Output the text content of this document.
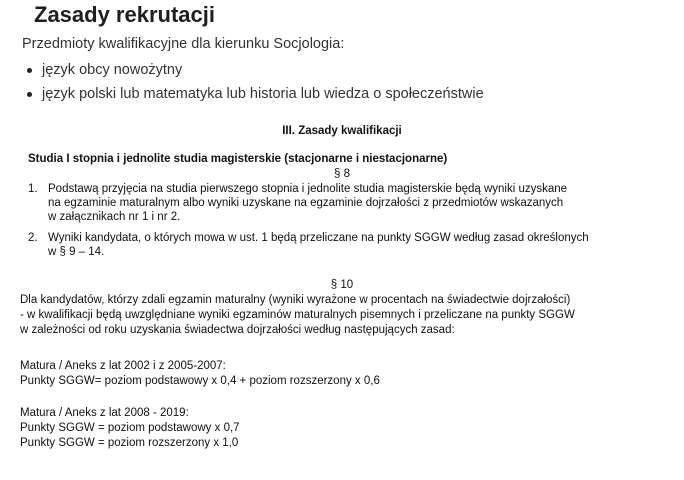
Zasady rekrutacji
Przedmioty kwalifikacyjne dla kierunku Socjologia:
język obcy nowożytny
język polski lub matematyka lub historia lub wiedza o społeczeństwie
III. Zasady kwalifikacji
Studia I stopnia i jednolite studia magisterskie (stacjonarne i niestacjonarne)
§ 8
1. Podstawą przyjęcia na studia pierwszego stopnia i jednolite studia magisterskie będą wyniki uzyskane
na egzaminie maturalnym albo wyniki uzyskane na egzaminie dojrzałości z przedmiotów wskazanych
w załącznikach nr 1 i nr 2.
2. Wyniki kandydata, o których mowa w ust. 1 będą przeliczane na punkty SGGW według zasad określonych
w § 9 – 14.
§ 10
Dla kandydatów, którzy zdali egzamin maturalny (wyniki wyrażone w procentach na świadectwie dojrzałości)
- w kwalifikacji będą uwzględniane wyniki egzaminów maturalnych pisemnych i przeliczane na punkty SGGW
w zależności od roku uzyskania świadectwa dojrzałości według następujących zasad:
Matura / Aneks z lat 2002 i z 2005-2007:
Punkty SGGW= poziom podstawowy x 0,4 + poziom rozszerzony x 0,6
Matura / Aneks z lat 2008 - 2019:
Punkty SGGW = poziom podstawowy x 0,7
Punkty SGGW = poziom rozszerzony x 1,0
